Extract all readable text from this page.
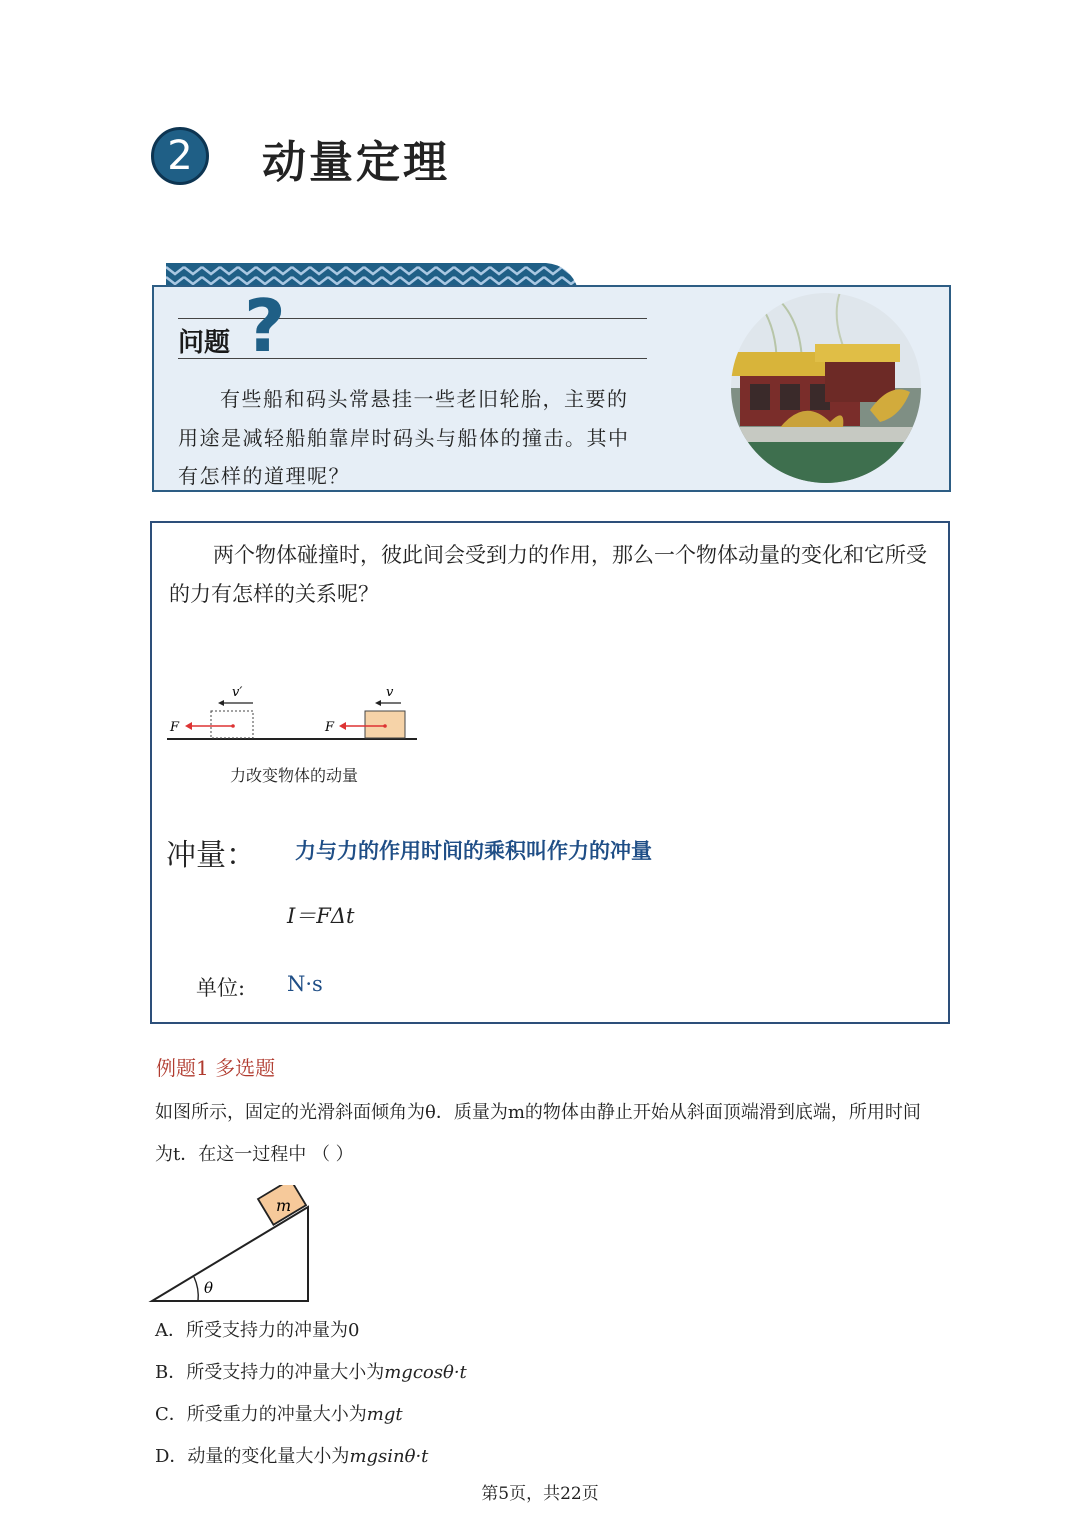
2	动量定理
问题 ?
有些船和码头常悬挂一些老旧轮胎，主要的用途是减轻船舶靠岸时码头与船体的撞击。其中有怎样的道理呢？
两个物体碰撞时，彼此间会受到力的作用，那么一个物体动量的变化和它所受的力有怎样的关系呢？
F	F
v′	v
力改变物体的动量
冲量： 力与力的作用时间的乘积叫作力的冲量
I＝FΔt
单位: N·s
例题1 多选题
如图所示，固定的光滑斜面倾角为θ．质量为m的物体由静止开始从斜面顶端滑到底端，所用时间为t．在这一过程中 （ ）
m
θ
A．所受支持力的冲量为0
B．所受支持力的冲量大小为mgcosθ·t
C．所受重力的冲量大小为mgt
D．动量的变化量大小为mgsinθ·t
第5页，共22页
